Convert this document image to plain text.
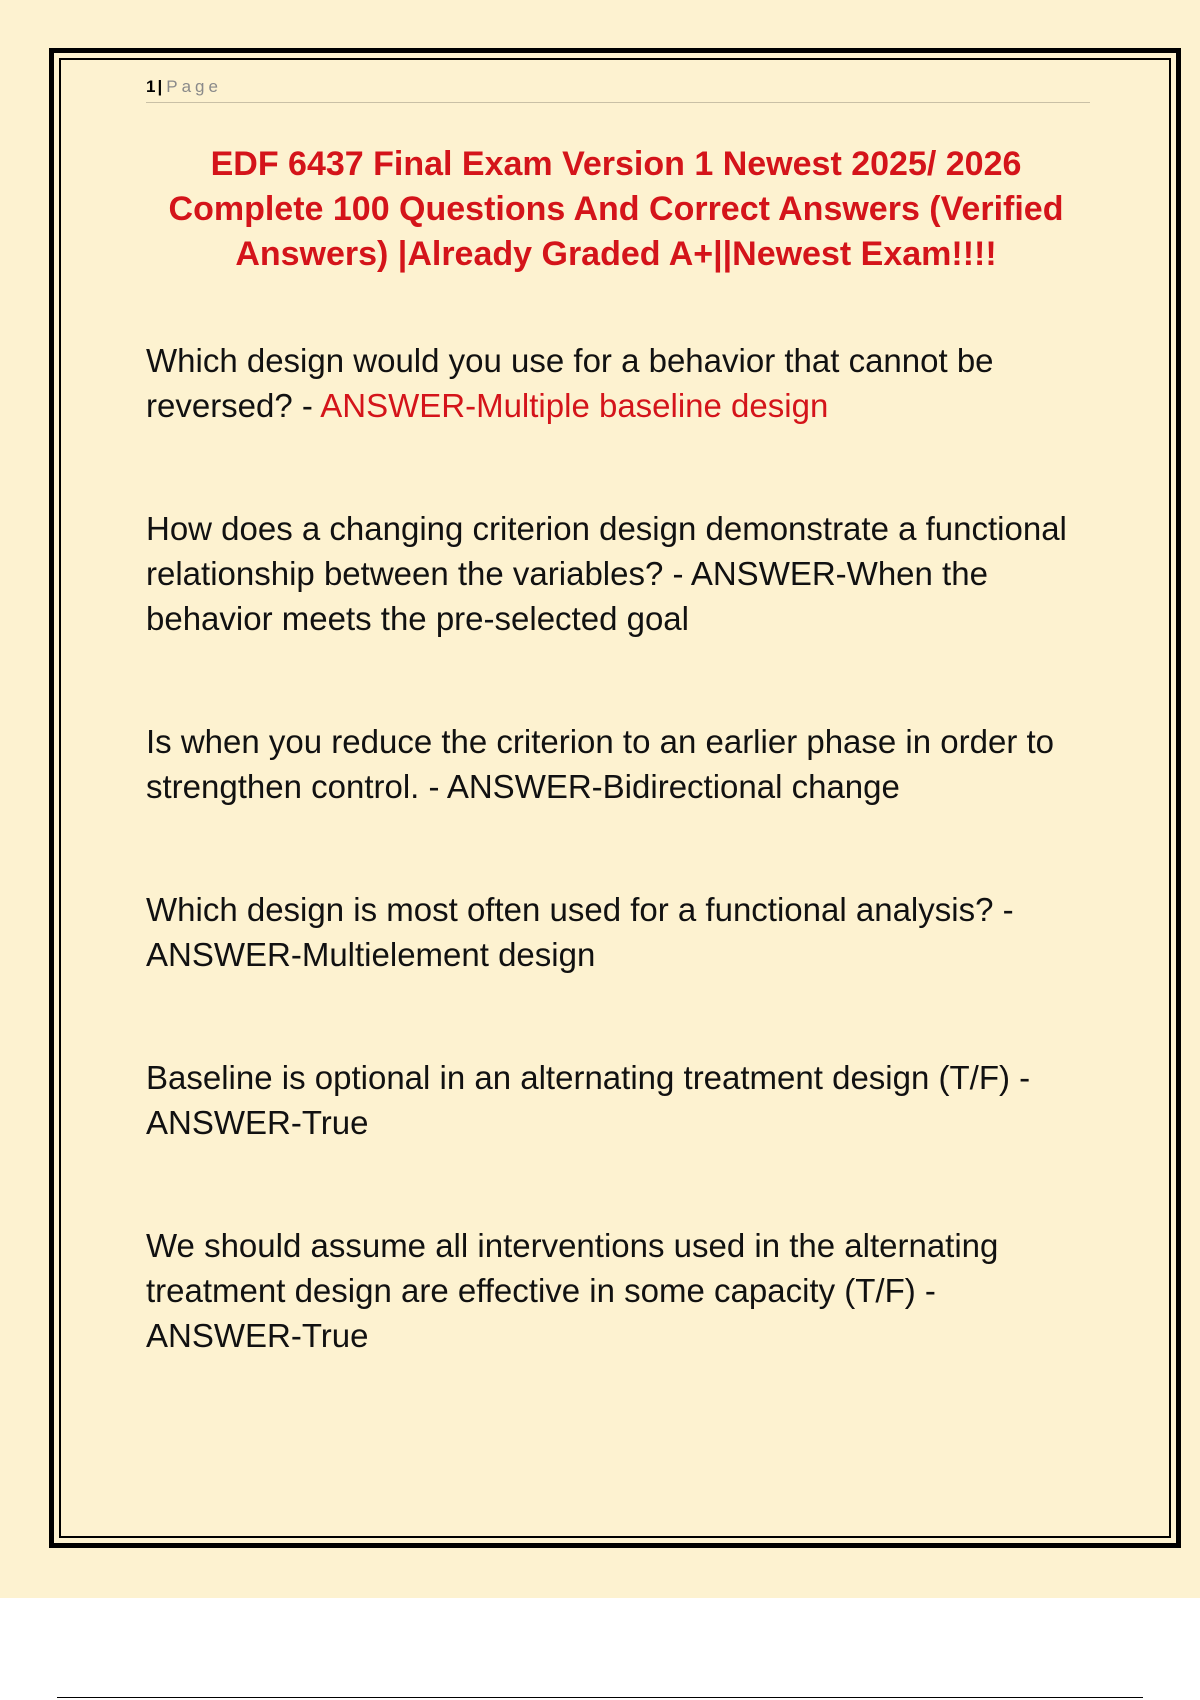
1 | Page
EDF 6437 Final Exam Version 1 Newest 2025/ 2026 Complete 100 Questions And Correct Answers (Verified Answers) |Already Graded A+||Newest Exam!!!!

Which design would you use for a behavior that cannot be reversed? - ANSWER-Multiple baseline design

How does a changing criterion design demonstrate a functional relationship between the variables? - ANSWER-When the behavior meets the pre-selected goal

Is when you reduce the criterion to an earlier phase in order to strengthen control. - ANSWER-Bidirectional change

Which design is most often used for a functional analysis? - ANSWER-Multielement design

Baseline is optional in an alternating treatment design (T/F) - ANSWER-True

We should assume all interventions used in the alternating treatment design are effective in some capacity (T/F) - ANSWER-True
